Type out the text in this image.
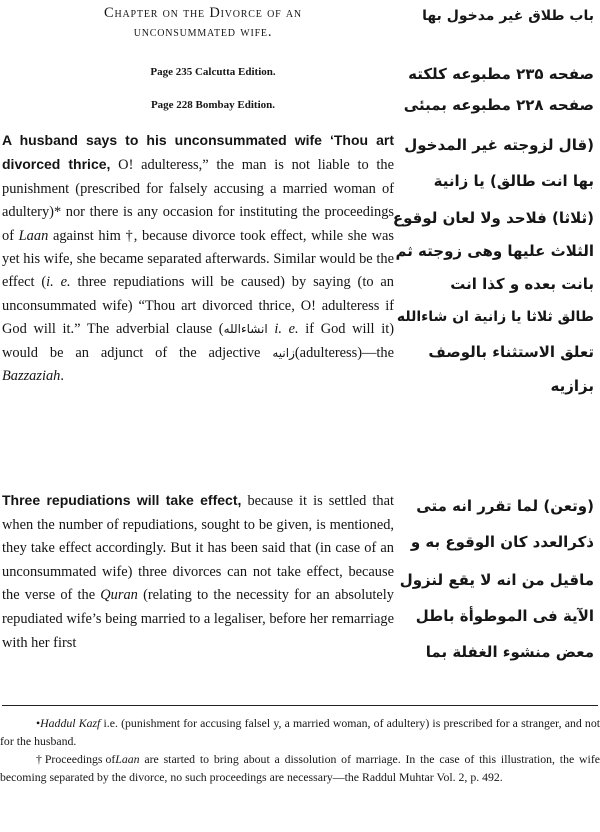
Chapter on the Divorce of an
unconsummated wife.
Page 235 Calcutta Edition.
Page 228 Bombay Edition.

A husband says to his unconsummated wife ‘Thou art divorced thrice, O! adulteress,” the man is not liable to the punishment (prescribed for falsely accusing a married woman of adultery)* nor there is any occasion for instituting the proceedings of Laan against him †, because divorce took effect, while she was yet his wife, she became separated afterwards. Similar would be the effect (i. e. three repudiations will be caused) by saying (to an unconsummated wife) “Thou art divorced thrice, O! adulteress if God will it.” The adverbial clause (انشاءالله i. e. if God will it) would be an adjunct of the adjective زانيه(adulteress)—the Bazzaziah.

Three repudiations will take effect, because it is settled that when the number of repudiations, sought to be given, is mentioned, they take effect accordingly. But it has been said that (in case of an unconsummated wife) three divorces can not take effect, because the verse of the Quran (relating to the necessity for an absolutely repudiated wife’s being married to a legaliser, before her remarriage with her first

باب طلاق غير مدخول بها
صفحه ۲۳۵ مطبوعه كلكته
صفحه ۲۲۸ مطبوعه بمبئى
(قال لزوجته غير المدخول
بها انت طالق) يا زانية
(ثلاثا) فلاحد ولا لعان لوقوع
الثلاث عليها وهى زوجته ثم
بانت بعده و كذا انت
طالق ثلاثا يا زانية ان شاءالله
تعلق الاستثناء بالوصف
بزازيه
(وتعن) لما تقرر انه متى
ذكرالعدد كان الوقوع به و
ماقيل من انه لا يقع لنزول
الآية فى الموطوأة باطل
معض منشوء الغفلة بما

•Haddul Kazf i.e. (punishment for accusing falsel y, a married woman, of adultery) is prescribed for a stranger, and not for the husband.

† Proceedings ofLaan are started to bring about a dissolution of marriage. In the case of this illustration, the wife becoming separated by the divorce, no such proceedings are necessary—the Raddul Muhtar Vol. 2, p. 492.
